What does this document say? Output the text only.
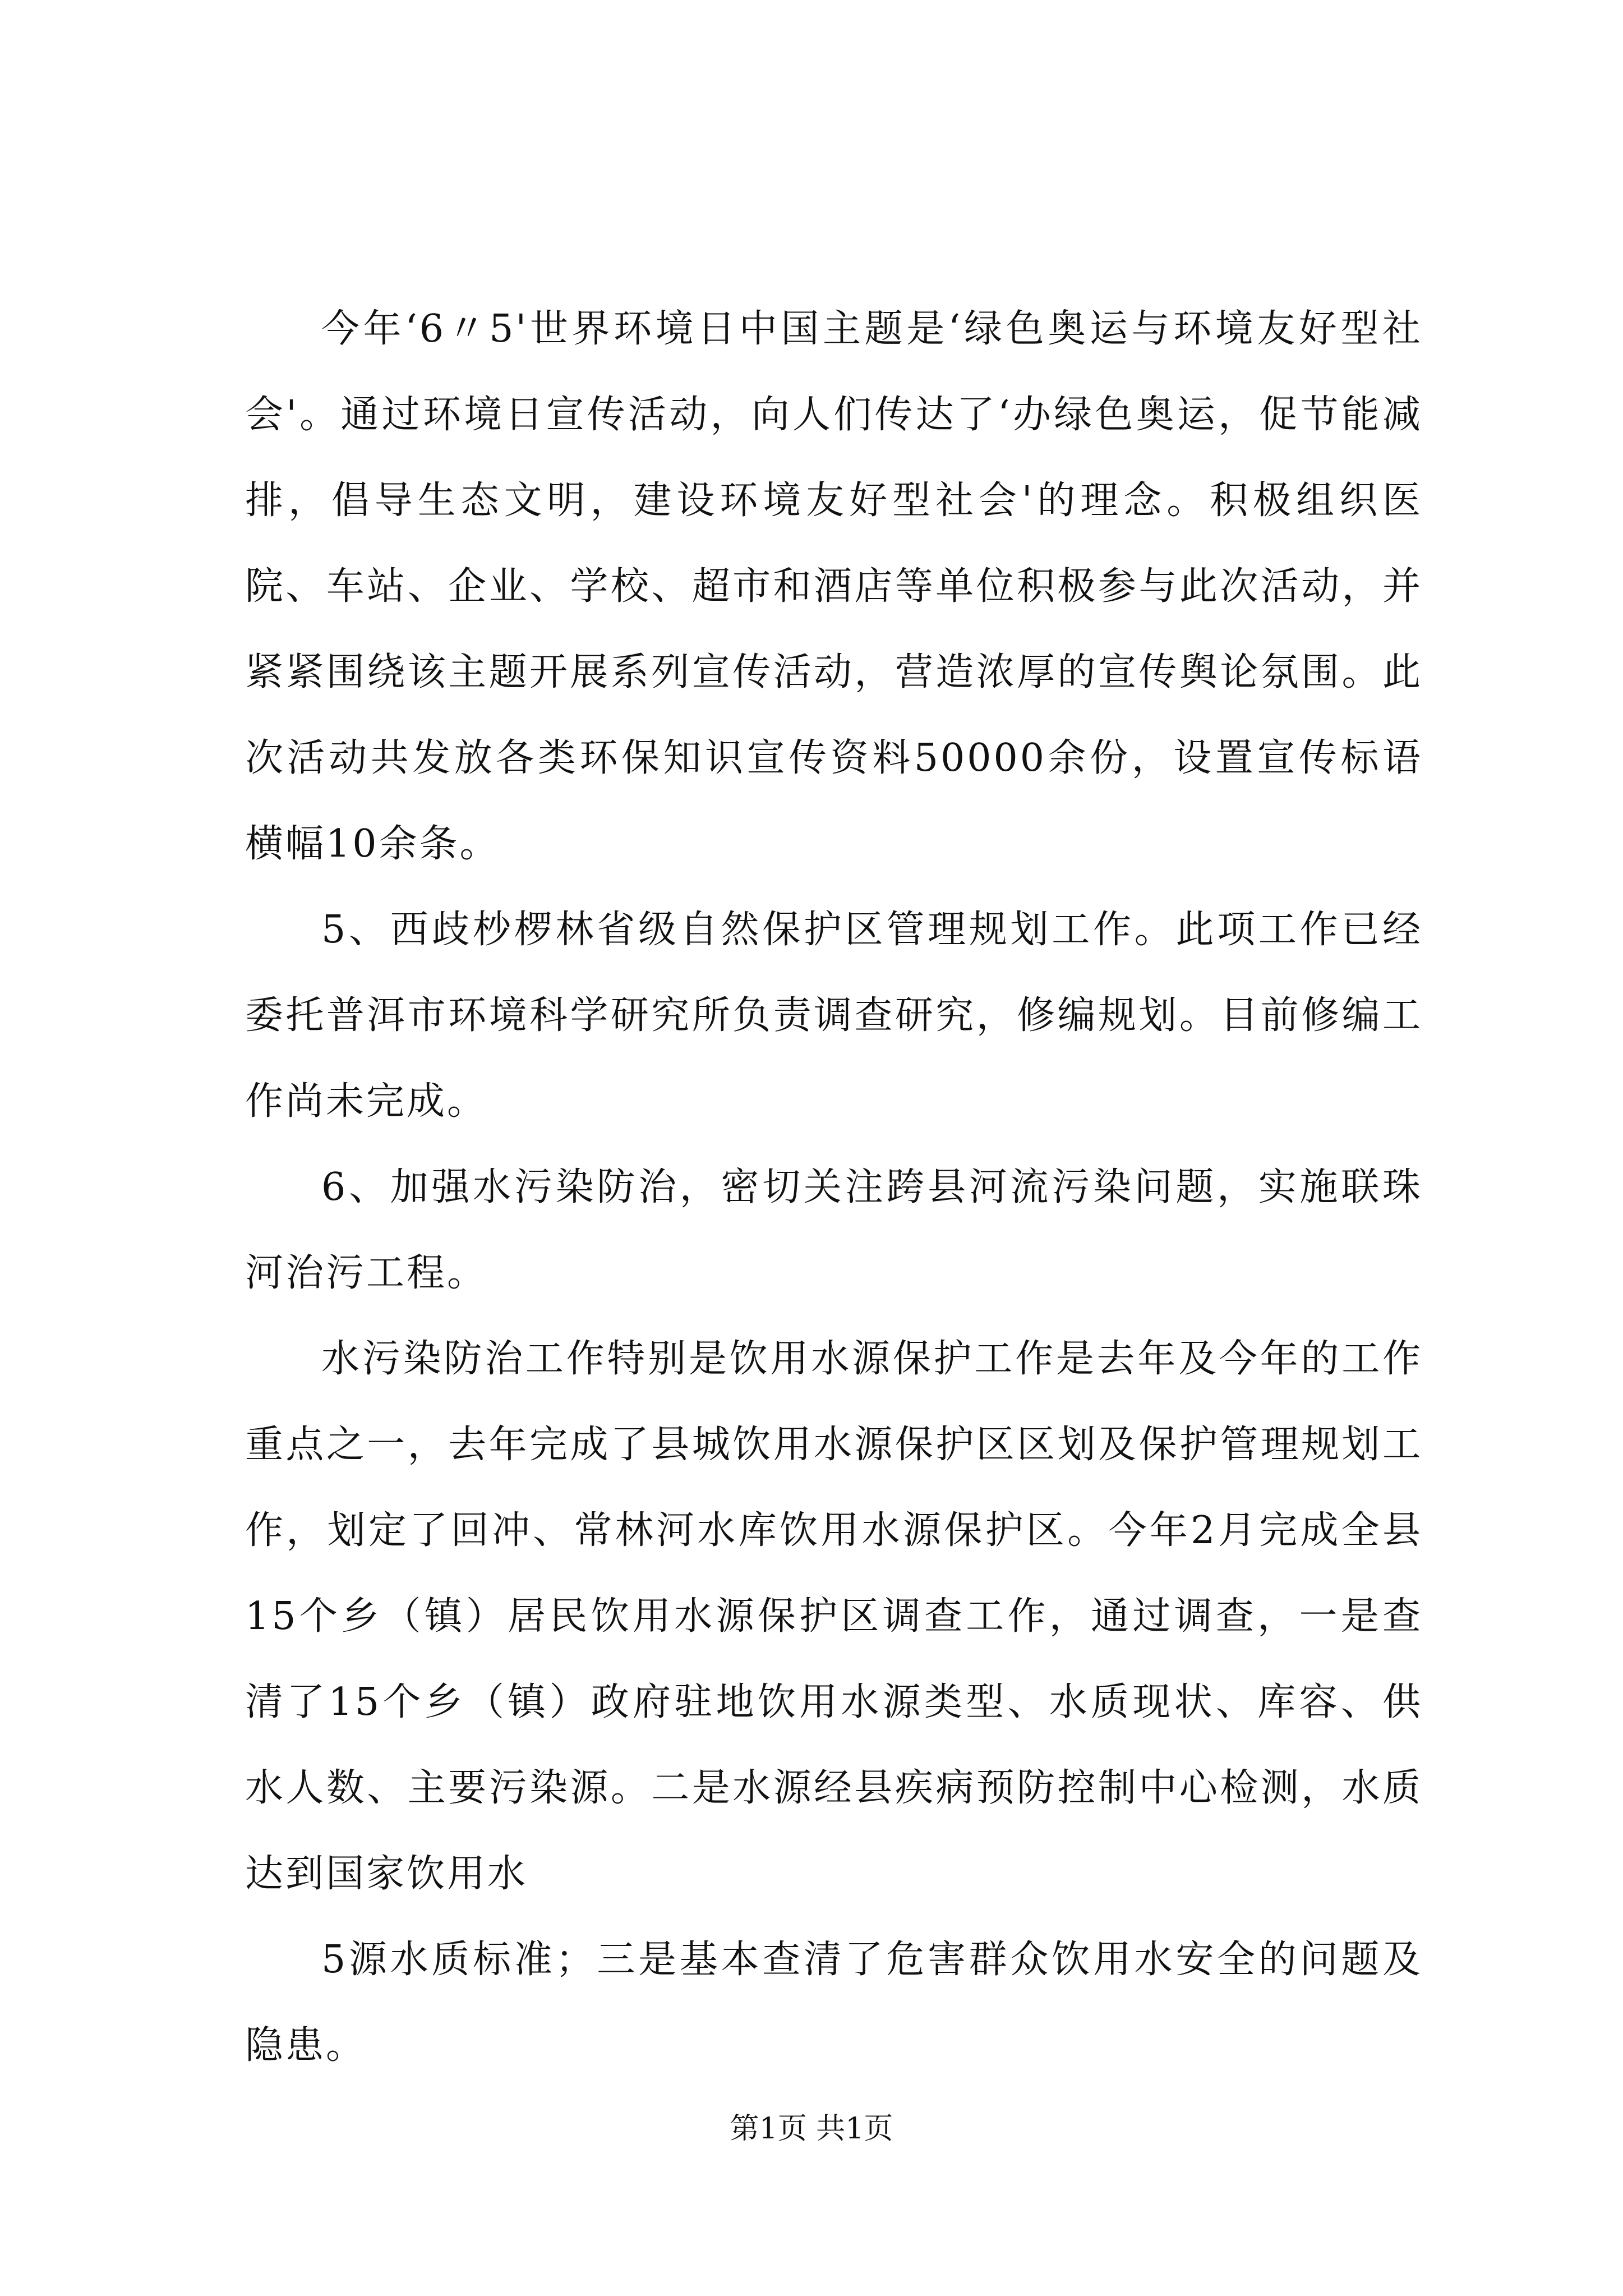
今年‘6〃5'世界环境日中国主题是‘绿色奥运与环境友好型社会'。通过环境日宣传活动，向人们传达了‘办绿色奥运，促节能减排，倡导生态文明，建设环境友好型社会'的理念。积极组织医院、车站、企业、学校、超市和酒店等单位积极参与此次活动，并紧紧围绕该主题开展系列宣传活动，营造浓厚的宣传舆论氛围。此次活动共发放各类环保知识宣传资料50000余份，设置宣传标语横幅10余条。

5、西歧杪椤林省级自然保护区管理规划工作。此项工作已经委托普洱市环境科学研究所负责调查研究，修编规划。目前修编工作尚未完成。

6、加强水污染防治，密切关注跨县河流污染问题，实施联珠河治污工程。

水污染防治工作特别是饮用水源保护工作是去年及今年的工作重点之一，去年完成了县城饮用水源保护区区划及保护管理规划工作，划定了回冲、常林河水库饮用水源保护区。今年2月完成全县15个乡（镇）居民饮用水源保护区调查工作，通过调查，一是查清了15个乡（镇）政府驻地饮用水源类型、水质现状、库容、供水人数、主要污染源。二是水源经县疾病预防控制中心检测，水质达到国家饮用水

5源水质标准；三是基本查清了危害群众饮用水安全的问题及隐患。

第1页 共1页
